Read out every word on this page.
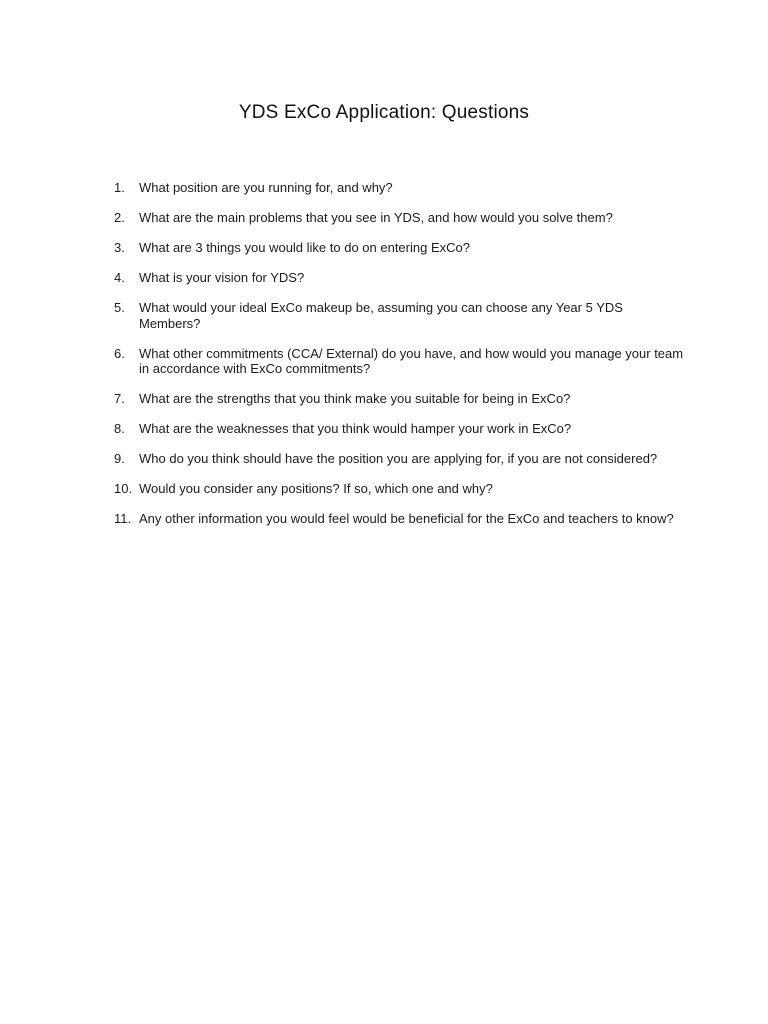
YDS ExCo Application: Questions
1.	What position are you running for, and why?
2.	What are the main problems that you see in YDS, and how would you solve them?
3.	What are 3 things you would like to do on entering ExCo?
4.	What is your vision for YDS?
5.	What would your ideal ExCo makeup be, assuming you can choose any Year 5 YDS Members?
6.	What other commitments (CCA/ External) do you have, and how would you manage your team in accordance with ExCo commitments?
7.	What are the strengths that you think make you suitable for being in ExCo?
8.	What are the weaknesses that you think would hamper your work in ExCo?
9.	Who do you think should have the position you are applying for, if you are not considered?
10. Would you consider any positions? If so, which one and why?
11. Any other information you would feel would be beneficial for the ExCo and teachers to know?
